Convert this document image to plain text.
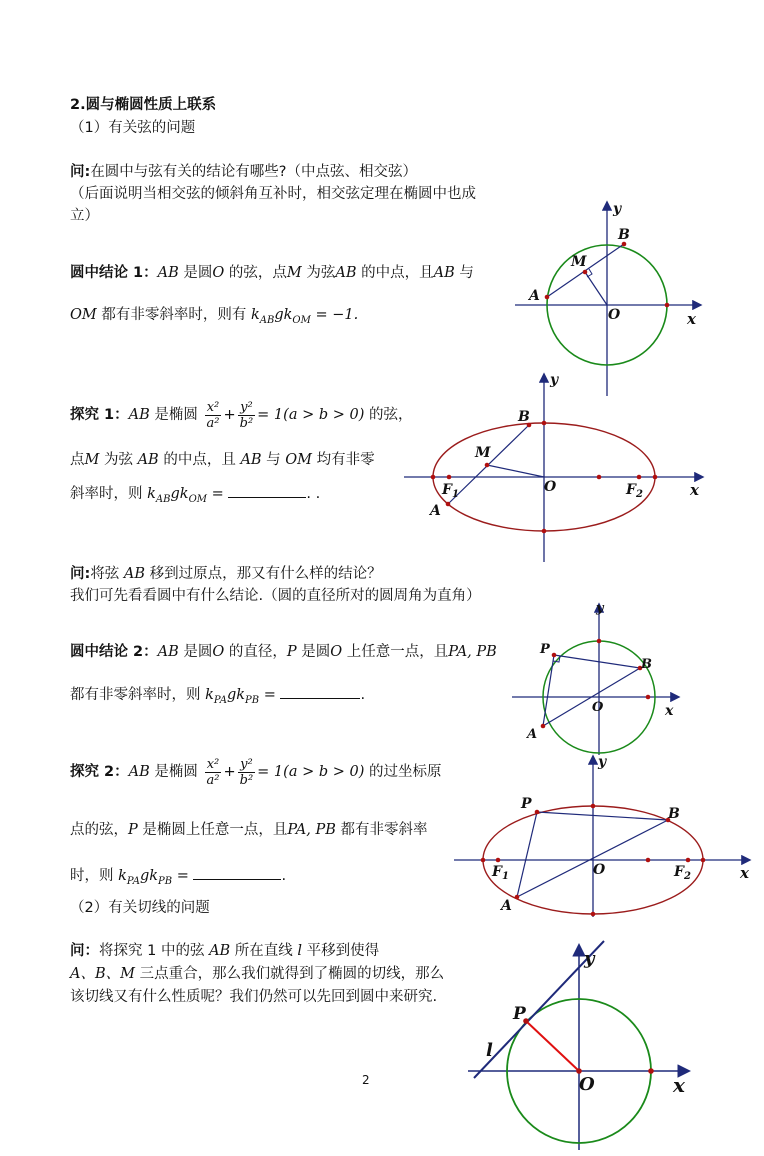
2.圆与椭圆性质上联系
（1）有关弦的问题
问:在圆中与弦有关的结论有哪些?（中点弦、相交弦）
（后面说明当相交弦的倾斜角互补时，相交弦定理在椭圆中也成
立）
圆中结论 1：AB 是圆O 的弦，点M 为弦AB 的中点，且AB 与
OM 都有非零斜率时，则有 $k_{AB}gk_{OM} = -1$.
探究 1：AB 是椭圆 $\frac{\text{x²}}{\text{a²}} + \frac{\text{y²}}{\text{b²}} = 1(a > b > 0)$ 的弦，
点M 为弦 AB 的中点，且 AB 与 OM 均有非零
斜率时，则 $k_{AB}gk_{OM}$ =	. .
问:将弦 AB 移到过原点，那又有什么样的结论？
我们可先看看圆中有什么结论.（圆的直径所对的圆周角为直角）
圆中结论 2：AB 是圆O 的直径，P 是圆O 上任意一点，且PA, PB
都有非零斜率时，则 $k_{PA}gk_{PB}$ =	.
探究 2：AB 是椭圆 $\frac{\text{x²}}{\text{a²}} + \frac{\text{y²}}{\text{b²}} = 1(a > b > 0)$ 的过坐标原
点的弦，P 是椭圆上任意一点，且PA, PB 都有非零斜率
时，则 $k_{PA}gk_{PB}$ =	.
（2）有关切线的问题
问：将探究 1 中的弦 AB 所在直线 l 平移到使得
A、B、M 三点重合，那么我们就得到了椭圆的切线，那么
该切线又有什么性质呢？我们仍然可以先回到圆中来研究.
2
y
x
B
M
A
O
y
x
B
M
A
O
$F_1$	$F_2$
y
x
P
B
A
O
y
x
P
B
A
O
$F_1$	$F_2$
y
x
P
l
O
